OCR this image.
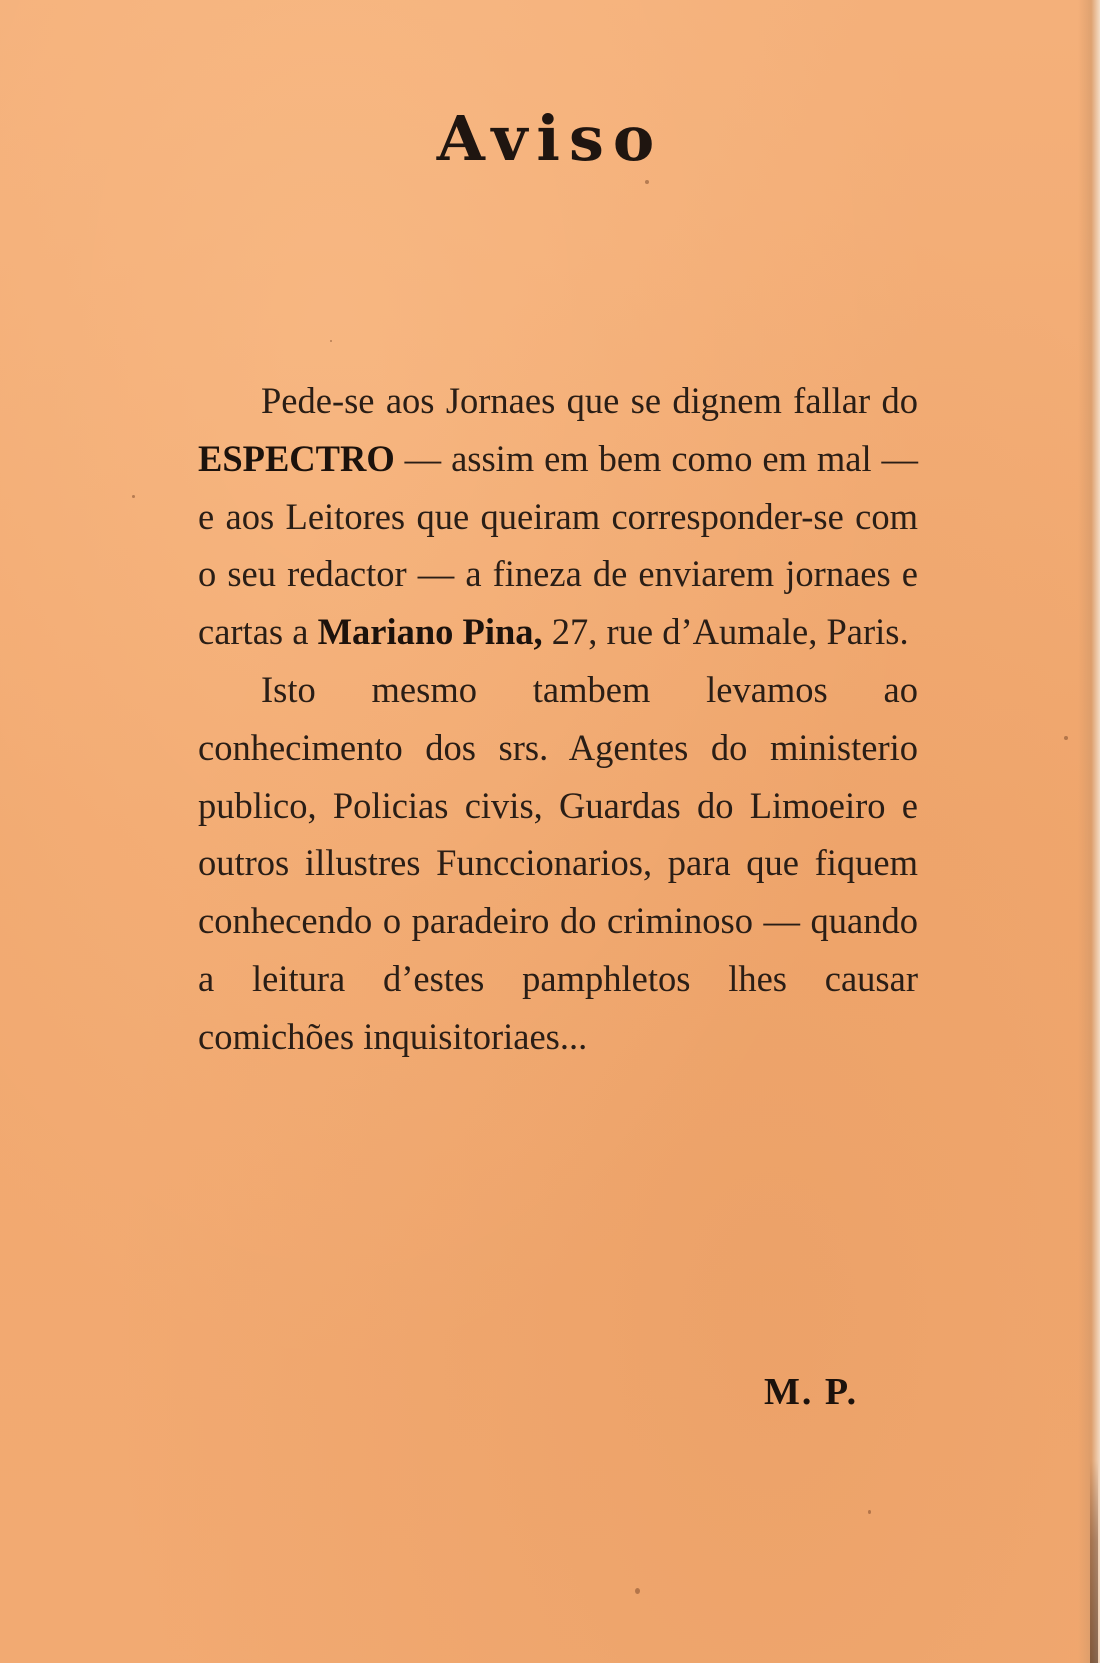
Aviso

Pede-se aos Jornaes que se dignem fallar do ESPECTRO — assim em bem como em mal — e aos Leitores que queiram corresponder-se com o seu redactor — a fineza de enviarem jornaes e cartas a Mariano Pina, 27, rue d’Aumale, Paris.

Isto mesmo tambem levamos ao conhecimento dos srs. Agentes do ministerio publico, Policias civis, Guardas do Limoeiro e outros illustres Funccionarios, para que fiquem conhecendo o paradeiro do criminoso — quando a leitura d’estes pamphletos lhes causar comichões inquisitoriaes...

M. P.
